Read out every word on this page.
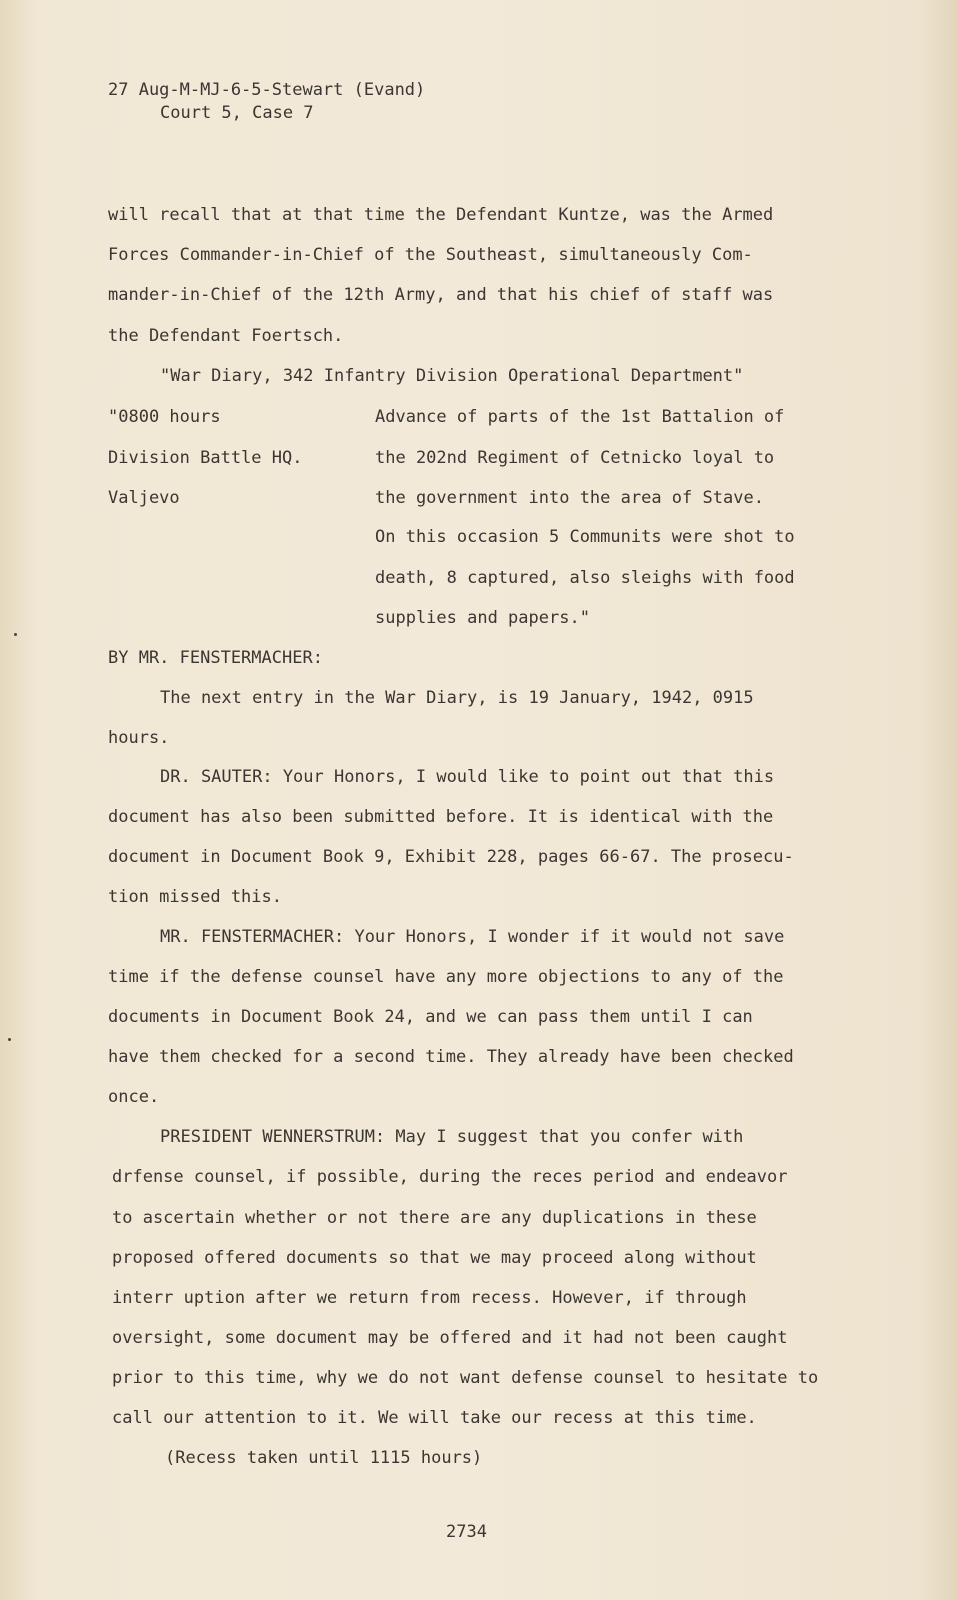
27 Aug-M-MJ-6-5-Stewart (Evand)
Court 5, Case 7
will recall that at that time the Defendant Kuntze, was the Armed
Forces Commander-in-Chief of the Southeast, simultaneously Com-
mander-in-Chief of the 12th Army, and that his chief of staff was
the Defendant Foertsch.
"War Diary, 342 Infantry Division Operational Department"
"0800 hours
Division Battle HQ.
Valjevo
Advance of parts of the 1st Battalion of
the 202nd Regiment of Cetnicko loyal to
the government into the area of Stave.
On this occasion 5 Communits were shot to
death, 8 captured, also sleighs with food
supplies and papers."
BY MR. FENSTERMACHER:
The next entry in the War Diary, is 19 January, 1942, 0915
hours.
DR. SAUTER: Your Honors, I would like to point out that this
document has also been submitted before. It is identical with the
document in Document Book 9, Exhibit 228, pages 66-67. The prosecu-
tion missed this.
MR. FENSTERMACHER: Your Honors, I wonder if it would not save
time if the defense counsel have any more objections to any of the
documents in Document Book 24, and we can pass them until I can
have them checked for a second time. They already have been checked
once.
PRESIDENT WENNERSTRUM: May I suggest that you confer with
drfense counsel, if possible, during the reces period and endeavor
to ascertain whether or not there are any duplications in these
proposed offered documents so that we may proceed along without
interr uption after we return from recess. However, if through
oversight, some document may be offered and it had not been caught
prior to this time, why we do not want defense counsel to hesitate to
call our attention to it. We will take our recess at this time.
(Recess taken until 1115 hours)
2734
